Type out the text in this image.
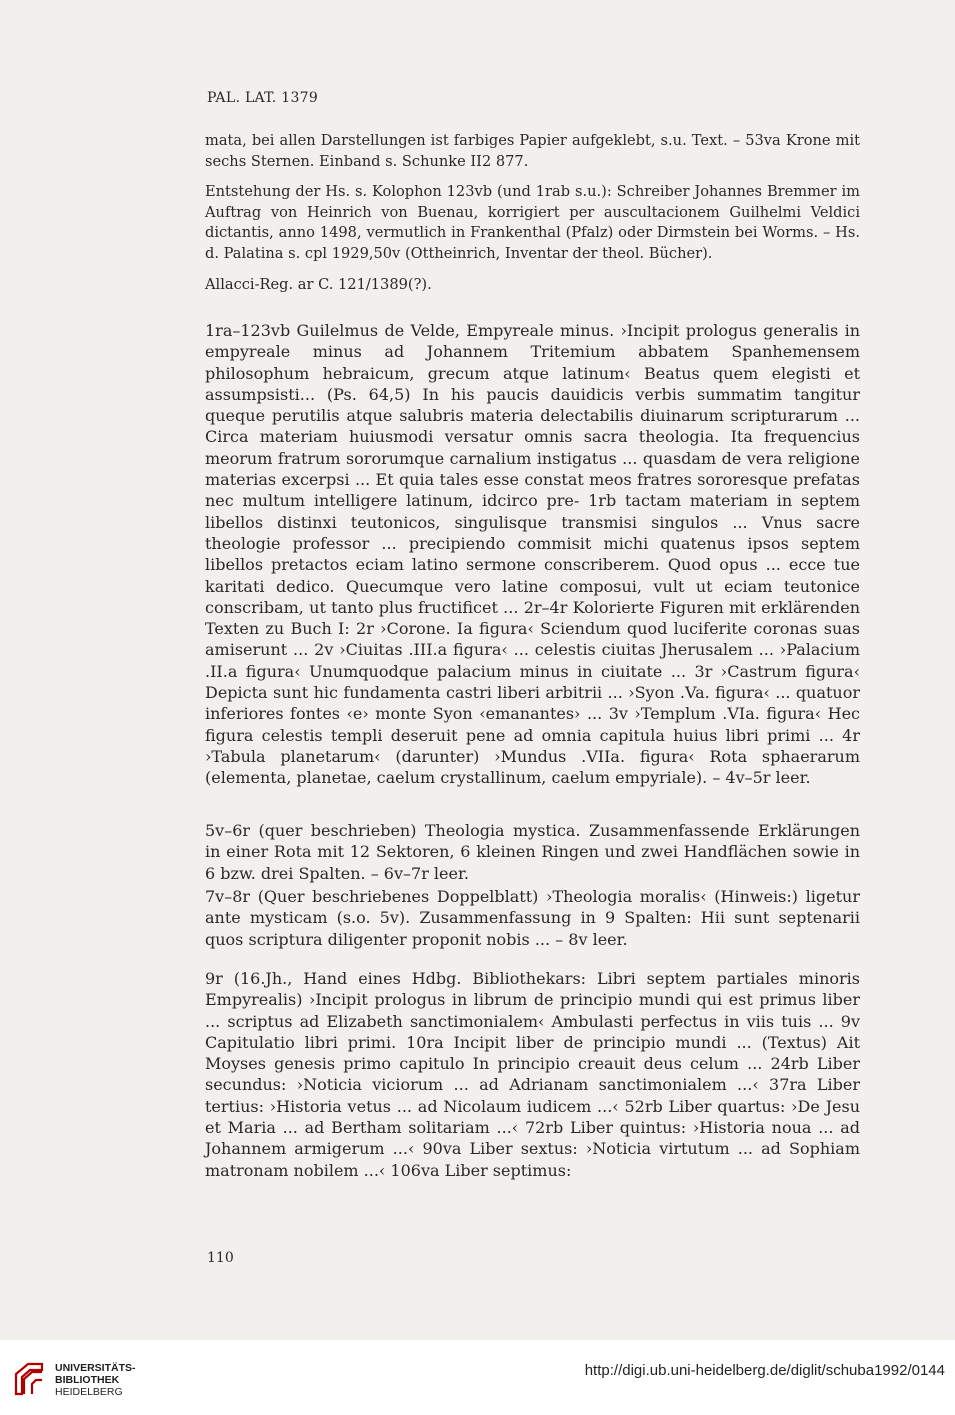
PAL. LAT. 1379

mata, bei allen Darstellungen ist farbiges Papier aufgeklebt, s.u. Text. – 53va Krone mit sechs Sternen. Einband s. Schunke II2 877.

Entstehung der Hs. s. Kolophon 123vb (und 1rab s.u.): Schreiber Johannes Bremmer im Auftrag von Heinrich von Buenau, korrigiert per auscultacionem Guilhelmi Veldici dictantis, anno 1498, vermutlich in Frankenthal (Pfalz) oder Dirmstein bei Worms. – Hs. d. Palatina s. cpl 1929,50v (Ottheinrich, Inventar der theol. Bücher).

Allacci-Reg. ar C. 121/1389(?).

1ra–123vb Guilelmus de Velde, Empyreale minus. ›Incipit prologus generalis in empyreale minus ad Johannem Tritemium abbatem Spanhemensem philosophum hebraicum, grecum atque latinum‹ Beatus quem elegisti et assumpsisti... (Ps. 64,5) In his paucis dauidicis verbis summatim tangitur queque perutilis atque salubris materia delectabilis diuinarum scripturarum ... Circa materiam huiusmodi versatur omnis sacra theologia. Ita frequencius meorum fratrum sororumque carnalium instigatus ... quasdam de vera religione materias excerpsi ... Et quia tales esse constat meos fratres sororesque prefatas nec multum intelligere latinum, idcirco pre- 1rb tactam materiam in septem libellos distinxi teutonicos, singulisque transmisi singulos ... Vnus sacre theologie professor ... precipiendo commisit michi quatenus ipsos septem libellos pretactos eciam latino sermone conscriberem. Quod opus ... ecce tue karitati dedico. Quecumque vero latine composui, vult ut eciam teutonice conscribam, ut tanto plus fructificet ... 2r–4r Kolorierte Figuren mit erklärenden Texten zu Buch I: 2r ›Corone. Ia figura‹ Sciendum quod luciferite coronas suas amiserunt ... 2v ›Ciuitas .III.a figura‹ ... celestis ciuitas Jherusalem ... ›Palacium .II.a figura‹ Unumquodque palacium minus in ciuitate ... 3r ›Castrum figura‹ Depicta sunt hic fundamenta castri liberi arbitrii ... ›Syon .Va. figura‹ ... quatuor inferiores fontes ‹e› monte Syon ‹emanantes› ... 3v ›Templum .VIa. figura‹ Hec figura celestis templi deseruit pene ad omnia capitula huius libri primi ... 4r ›Tabula planetarum‹ (darunter) ›Mundus .VIIa. figura‹ Rota sphaerarum (elementa, planetae, caelum crystallinum, caelum empyriale). – 4v–5r leer.

5v–6r (quer beschrieben) Theologia mystica. Zusammenfassende Erklärungen in einer Rota mit 12 Sektoren, 6 kleinen Ringen und zwei Handflächen sowie in 6 bzw. drei Spalten. – 6v–7r leer.

7v–8r (Quer beschriebenes Doppelblatt) ›Theologia moralis‹ (Hinweis:) ligetur ante mysticam (s.o. 5v). Zusammenfassung in 9 Spalten: Hii sunt septenarii quos scriptura diligenter proponit nobis ... – 8v leer.

9r (16.Jh., Hand eines Hdbg. Bibliothekars: Libri septem partiales minoris Empyrealis) ›Incipit prologus in librum de principio mundi qui est primus liber ... scriptus ad Elizabeth sanctimonialem‹ Ambulasti perfectus in viis tuis ... 9v Capitulatio libri primi. 10ra Incipit liber de principio mundi ... (Textus) Ait Moyses genesis primo capitulo In principio creauit deus celum ... 24rb Liber secundus: ›Noticia viciorum ... ad Adrianam sanctimonialem ...‹ 37ra Liber tertius: ›Historia vetus ... ad Nicolaum iudicem ...‹ 52rb Liber quartus: ›De Jesu et Maria ... ad Bertham solitariam ...‹ 72rb Liber quintus: ›Historia noua ... ad Johannem armigerum ...‹ 90va Liber sextus: ›Noticia virtutum ... ad Sophiam matronam nobilem ...‹ 106va Liber septimus:

110
UNIVERSITÄTS-
BIBLIOTHEK
HEIDELBERG
http://digi.ub.uni-heidelberg.de/diglit/schuba1992/0144
